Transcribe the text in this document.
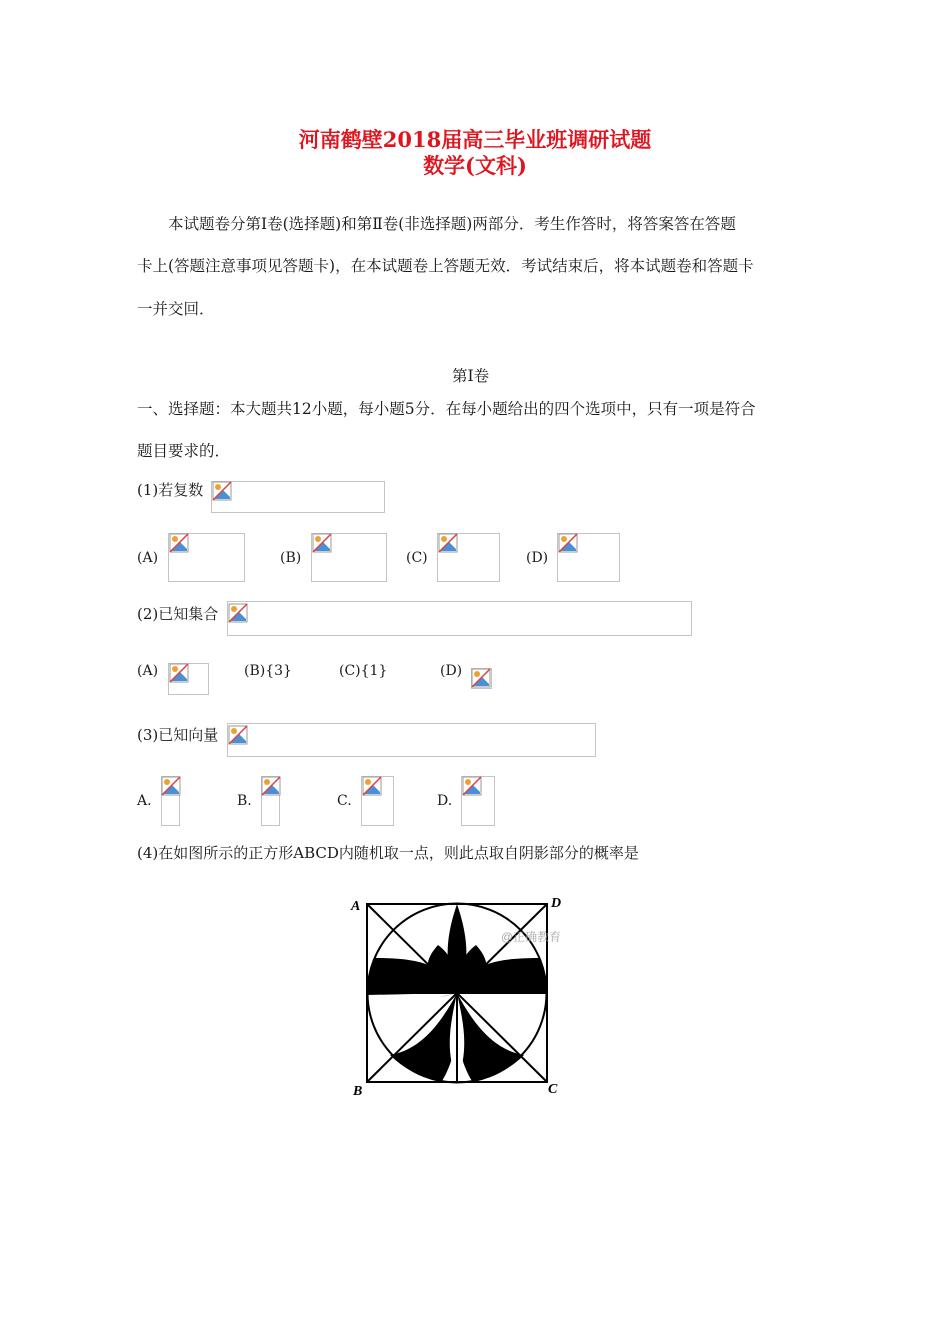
河南鹤壁2018届高三毕业班调研试题
数学(文科)
本试题卷分第Ⅰ卷(选择题)和第Ⅱ卷(非选择题)两部分．考生作答时，将答案答在答题
卡上(答题注意事项见答题卡)，在本试题卷上答题无效．考试结束后，将本试题卷和答题卡
一并交回．
第Ⅰ卷
一、选择题：本大题共12小题，每小题5分．在每小题给出的四个选项中，只有一项是符合
题目要求的．
(1)若复数
(A)	(B)	(C)	(D)
(2)已知集合
(A)	(B){3}	(C){1}	(D)
(3)已知向量
A.	B.	C.	D.
(4)在如图所示的正方形ABCD内随机取一点，则此点取自阴影部分的概率是
A	D
B	C
@正确教育
